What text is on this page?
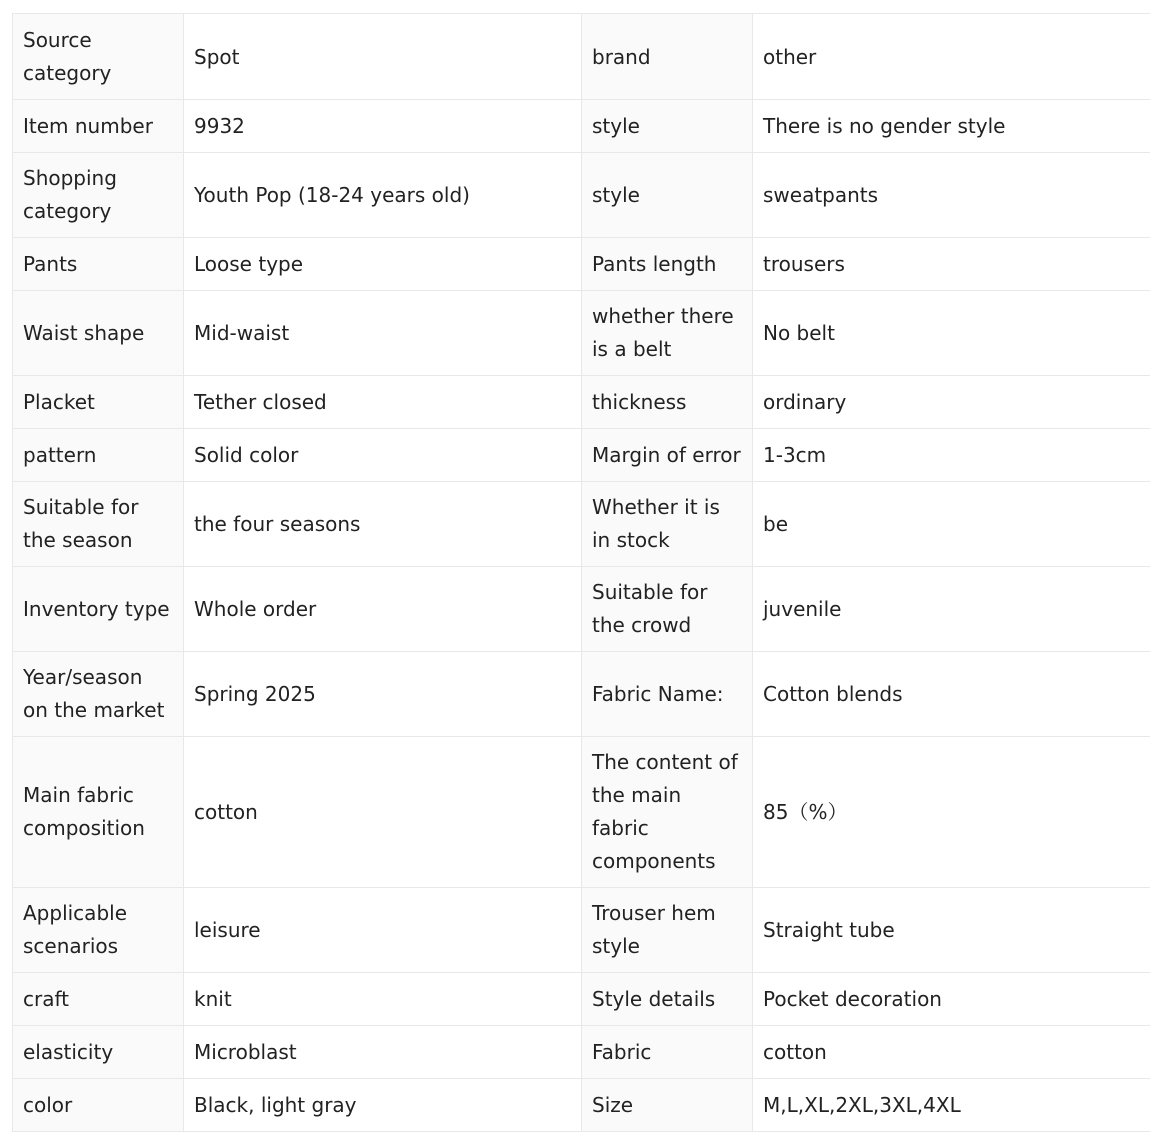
Source category	Spot	brand	other
Item number	9932	style	There is no gender style
Shopping category	Youth Pop (18-24 years old)	style	sweatpants
Pants	Loose type	Pants length	trousers
Waist shape	Mid-waist	whether there is a belt	No belt
Placket	Tether closed	thickness	ordinary
pattern	Solid color	Margin of error	1-3cm
Suitable for the season	the four seasons	Whether it is in stock	be
Inventory type	Whole order	Suitable for the crowd	juvenile
Year/season on the market	Spring 2025	Fabric Name:	Cotton blends
Main fabric composition	cotton	The content of the main fabric components	85（%）
Applicable scenarios	leisure	Trouser hem style	Straight tube
craft	knit	Style details	Pocket decoration
elasticity	Microblast	Fabric	cotton
color	Black, light gray	Size	M,L,XL,2XL,3XL,4XL
